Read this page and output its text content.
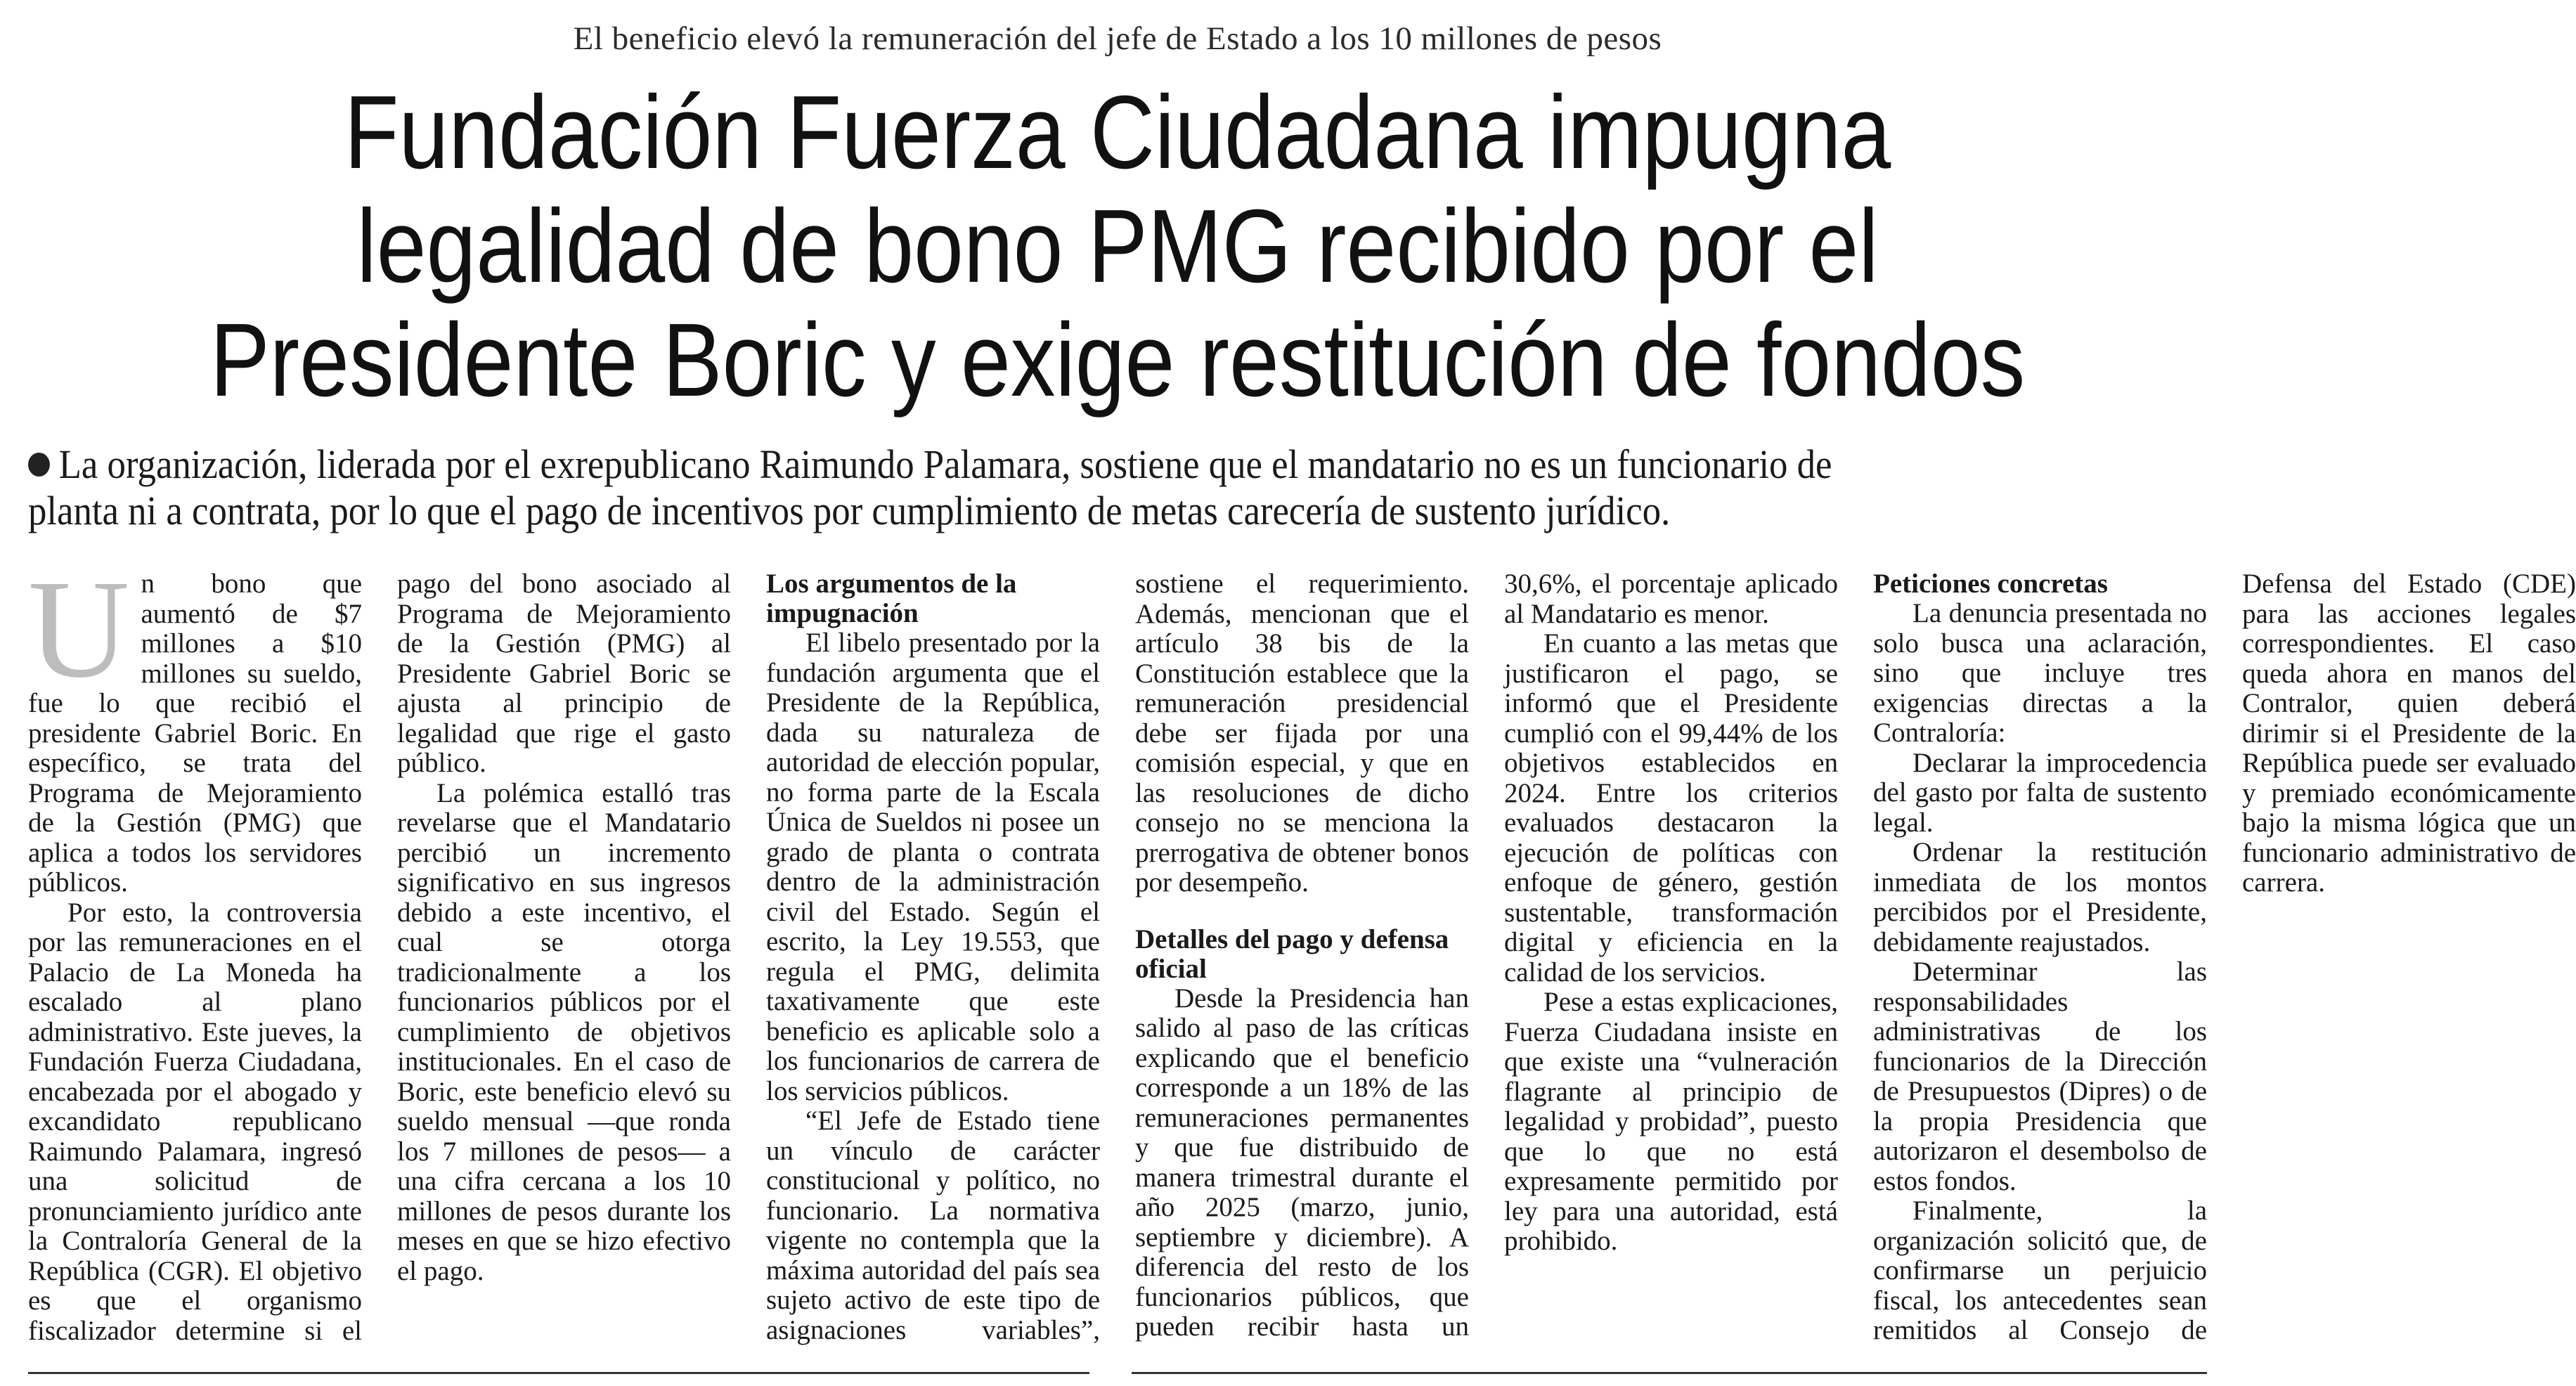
El beneficio elevó la remuneración del jefe de Estado a los 10 millones de pesos
Fundación Fuerza Ciudadana impugna
legalidad de bono PMG recibido por el
Presidente Boric y exige restitución de fondos
La organización, liderada por el exrepublicano Raimundo Palamara, sostiene que el mandatario no es un funcionario de
planta ni a contrata, por lo que el pago de incentivos por cumplimiento de metas carecería de sustento jurídico.

Un bono que aumentó de $7 millones a $10 millones su sueldo, fue lo que recibió el presidente Gabriel Boric. En específico, se trata del Programa de Mejoramiento de la Gestión (PMG) que aplica a todos los servidores públicos.

Por esto, la controversia por las remuneraciones en el Palacio de La Moneda ha escalado al plano administrativo. Este jueves, la Fundación Fuerza Ciudadana, encabezada por el abogado y excandidato republicano Raimundo Palamara, ingresó una solicitud de pronunciamiento jurídico ante la Contraloría General de la República (CGR). El objetivo es que el organismo fiscalizador determine si el pago del bono asociado al Programa de Mejoramiento de la Gestión (PMG) al Presidente Gabriel Boric se ajusta al principio de legalidad que rige el gasto público.

La polémica estalló tras revelarse que el Mandatario percibió un incremento significativo en sus ingresos debido a este incentivo, el cual se otorga tradicionalmente a los funcionarios públicos por el cumplimiento de objetivos institucionales. En el caso de Boric, este beneficio elevó su sueldo mensual —que ronda los 7 millones de pesos— a una cifra cercana a los 10 millones de pesos durante los meses en que se hizo efectivo el pago.

Los argumentos de la impugnación

El libelo presentado por la fundación argumenta que el Presidente de la República, dada su naturaleza de autoridad de elección popular, no forma parte de la Escala Única de Sueldos ni posee un grado de planta o contrata dentro de la administración civil del Estado. Según el escrito, la Ley 19.553, que regula el PMG, delimita taxativamente que este beneficio es aplicable solo a los funcionarios de carrera de los servicios públicos.

“El Jefe de Estado tiene un vínculo de carácter constitucional y político, no funcionario. La normativa vigente no contempla que la máxima autoridad del país sea sujeto activo de este tipo de asignaciones variables”, sostiene el requerimiento. Además, mencionan que el artículo 38 bis de la Constitución establece que la remuneración presidencial debe ser fijada por una comisión especial, y que en las resoluciones de dicho consejo no se menciona la prerrogativa de obtener bonos por desempeño.

Detalles del pago y defensa oficial

Desde la Presidencia han salido al paso de las críticas explicando que el beneficio corresponde a un 18% de las remuneraciones permanentes y que fue distribuido de manera trimestral durante el año 2025 (marzo, junio, septiembre y diciembre). A diferencia del resto de los funcionarios públicos, que pueden recibir hasta un 30,6%, el porcentaje aplicado al Mandatario es menor.

En cuanto a las metas que justificaron el pago, se informó que el Presidente cumplió con el 99,44% de los objetivos establecidos en 2024. Entre los criterios evaluados destacaron la ejecución de políticas con enfoque de género, gestión sustentable, transformación digital y eficiencia en la calidad de los servicios.

Pese a estas explicaciones, Fuerza Ciudadana insiste en que existe una “vulneración flagrante al principio de legalidad y probidad”, puesto que lo que no está expresamente permitido por ley para una autoridad, está prohibido.

Peticiones concretas

La denuncia presentada no solo busca una aclaración, sino que incluye tres exigencias directas a la Contraloría:

Declarar la improcedencia del gasto por falta de sustento legal.

Ordenar la restitución inmediata de los montos percibidos por el Presidente, debidamente reajustados.

Determinar las responsabilidades administrativas de los funcionarios de la Dirección de Presupuestos (Dipres) o de la propia Presidencia que autorizaron el desembolso de estos fondos.

Finalmente, la organización solicitó que, de confirmarse un perjuicio fiscal, los antecedentes sean remitidos al Consejo de Defensa del Estado (CDE) para las acciones legales correspondientes. El caso queda ahora en manos del Contralor, quien deberá dirimir si el Presidente de la República puede ser evaluado y premiado económicamente bajo la misma lógica que un funcionario administrativo de carrera.
